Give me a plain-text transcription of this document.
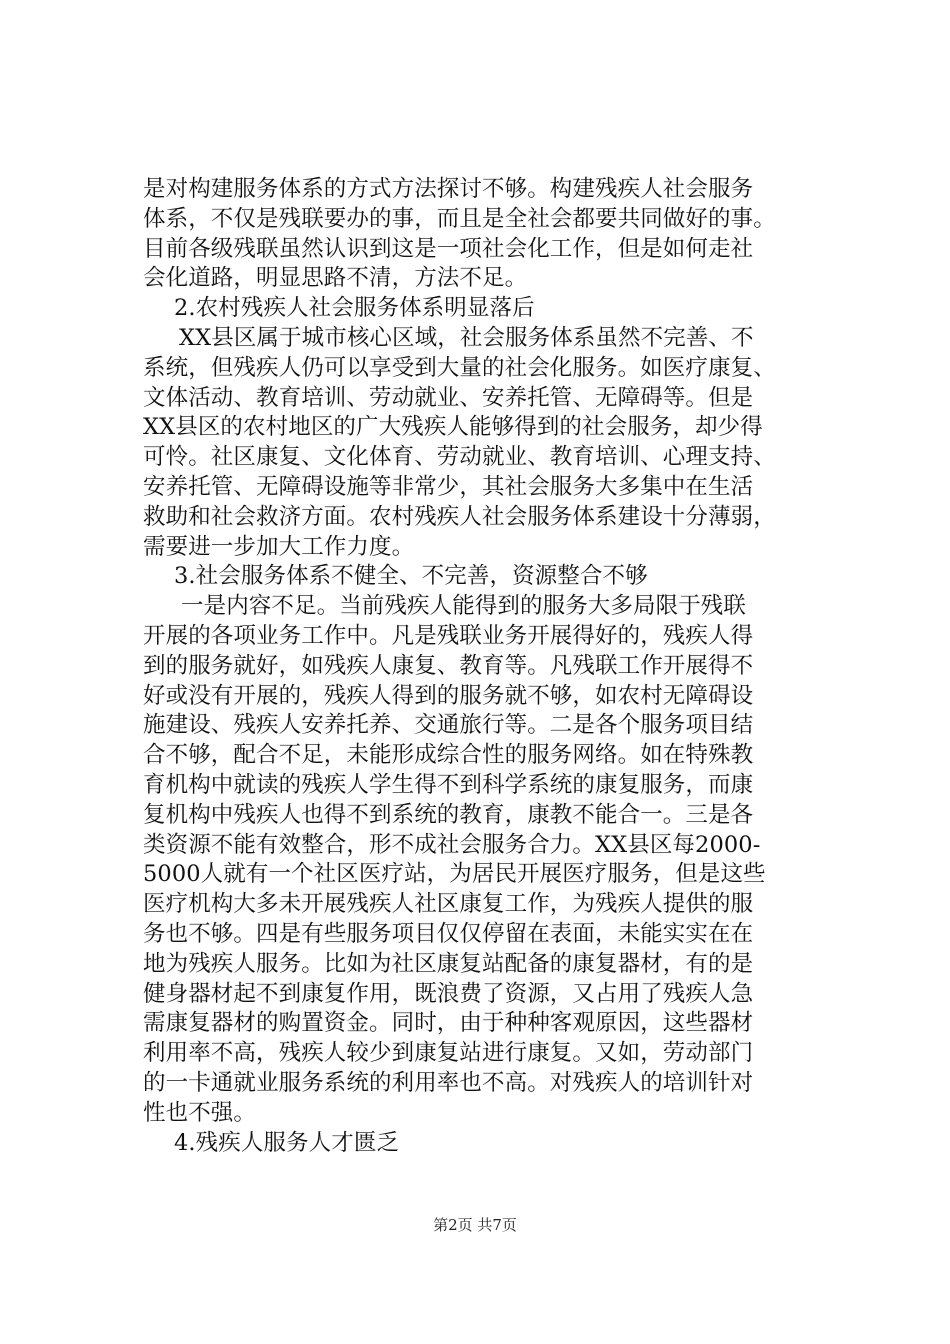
是对构建服务体系的方式方法探讨不够。构建残疾人社会服务
体系，不仅是残联要办的事，而且是全社会都要共同做好的事。
目前各级残联虽然认识到这是一项社会化工作，但是如何走社
会化道路，明显思路不清，方法不足。
2.农村残疾人社会服务体系明显落后
XX县区属于城市核心区域，社会服务体系虽然不完善、不
系统，但残疾人仍可以享受到大量的社会化服务。如医疗康复、
文体活动、教育培训、劳动就业、安养托管、无障碍等。但是
XX县区的农村地区的广大残疾人能够得到的社会服务，却少得
可怜。社区康复、文化体育、劳动就业、教育培训、心理支持、
安养托管、无障碍设施等非常少，其社会服务大多集中在生活
救助和社会救济方面。农村残疾人社会服务体系建设十分薄弱，
需要进一步加大工作力度。
3.社会服务体系不健全、不完善，资源整合不够
一是内容不足。当前残疾人能得到的服务大多局限于残联
开展的各项业务工作中。凡是残联业务开展得好的，残疾人得
到的服务就好，如残疾人康复、教育等。凡残联工作开展得不
好或没有开展的，残疾人得到的服务就不够，如农村无障碍设
施建设、残疾人安养托养、交通旅行等。二是各个服务项目结
合不够，配合不足，未能形成综合性的服务网络。如在特殊教
育机构中就读的残疾人学生得不到科学系统的康复服务，而康
复机构中残疾人也得不到系统的教育，康教不能合一。三是各
类资源不能有效整合，形不成社会服务合力。XX县区每2000-
5000人就有一个社区医疗站，为居民开展医疗服务，但是这些
医疗机构大多未开展残疾人社区康复工作，为残疾人提供的服
务也不够。四是有些服务项目仅仅停留在表面，未能实实在在
地为残疾人服务。比如为社区康复站配备的康复器材，有的是
健身器材起不到康复作用，既浪费了资源，又占用了残疾人急
需康复器材的购置资金。同时，由于种种客观原因，这些器材
利用率不高，残疾人较少到康复站进行康复。又如，劳动部门
的一卡通就业服务系统的利用率也不高。对残疾人的培训针对
性也不强。
4.残疾人服务人才匮乏
第2页 共7页
